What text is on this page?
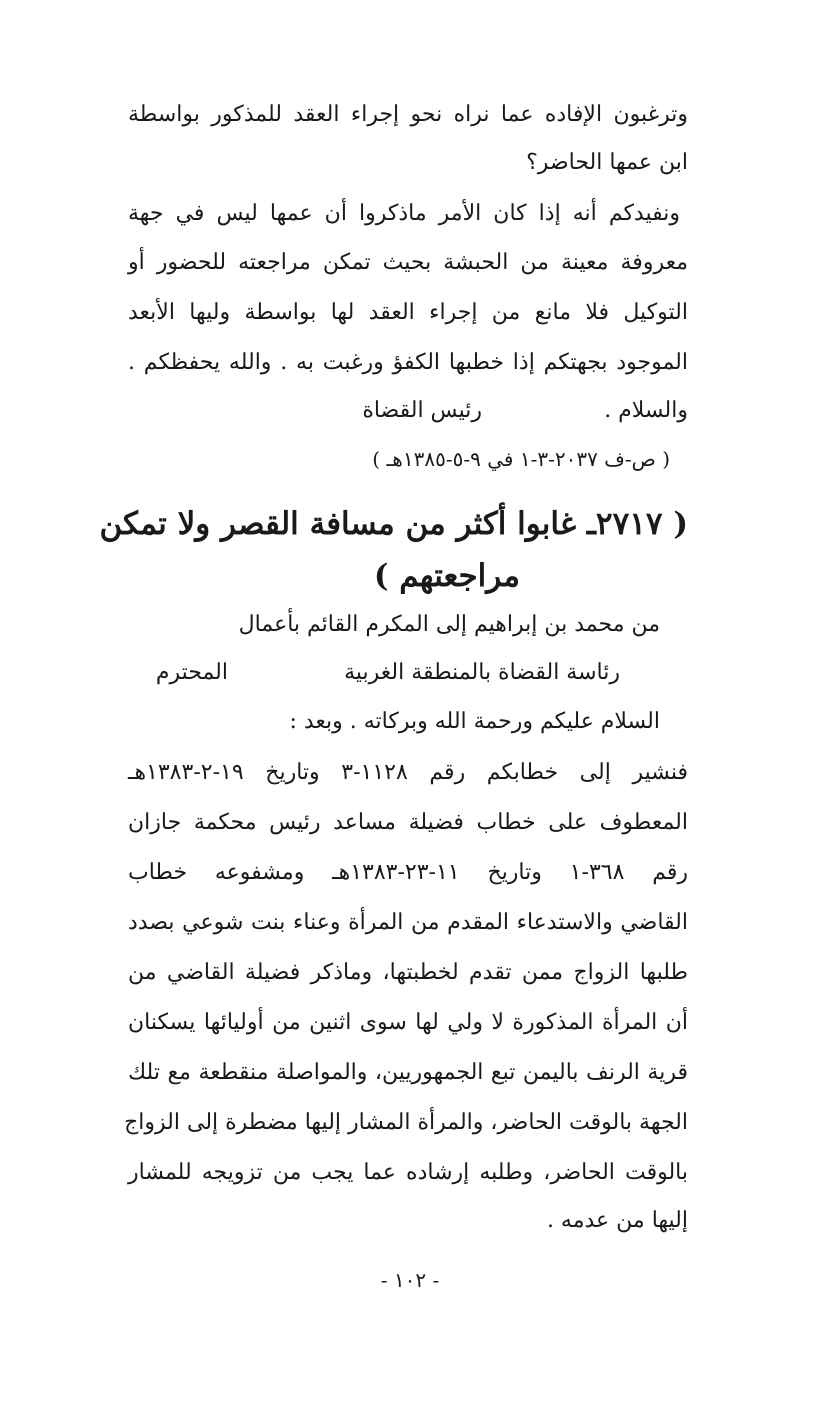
وترغبون الإفاده عما نراه نحو إجراء العقد للمذكور بواسطة
ابن عمها الحاضر؟
ونفيدكم أنه إذا كان الأمر ماذكروا أن عمها ليس في جهة
معروفة معينة من الحبشة بحيث تمكن مراجعته للحضور أو
التوكيل فلا مانع من إجراء العقد لها بواسطة وليها الأبعد
الموجود بجهتكم إذا خطبها الكفؤ ورغبت به . والله يحفظكم .
والسلام .
رئيس القضاة
( ص-ف ٢٠٣٧-٣-١ في ٩-٥-١٣٨٥هـ )
( ٢٧١٧ـ غابوا أكثر من مسافة القصر ولا تمكن
مراجعتهم )
من محمد بن إبراهيم إلى المكرم القائم بأعمال
رئاسة القضاة بالمنطقة الغربية
المحترم
السلام عليكم ورحمة الله وبركاته . وبعد :
فنشير إلى خطابكم رقم ١١٢٨-٣ وتاريخ ١٩-٢-١٣٨٣هـ
المعطوف على خطاب فضيلة مساعد رئيس محكمة جازان
رقم ٣٦٨-١ وتاريخ ١١-٢٣-١٣٨٣هـ ومشفوعه خطاب
القاضي والاستدعاء المقدم من المرأة وعناء بنت شوعي بصدد
طلبها الزواج ممن تقدم لخطبتها، وماذكر فضيلة القاضي من
أن المرأة المذكورة لا ولي لها سوى اثنين من أوليائها يسكنان
قرية الرنف باليمن تبع الجمهوريين، والمواصلة منقطعة مع تلك
الجهة بالوقت الحاضر، والمرأة المشار إليها مضطرة إلى الزواج
بالوقت الحاضر، وطلبه إرشاده عما يجب من تزويجه للمشار
إليها من عدمه .
- ١٠٢ -
